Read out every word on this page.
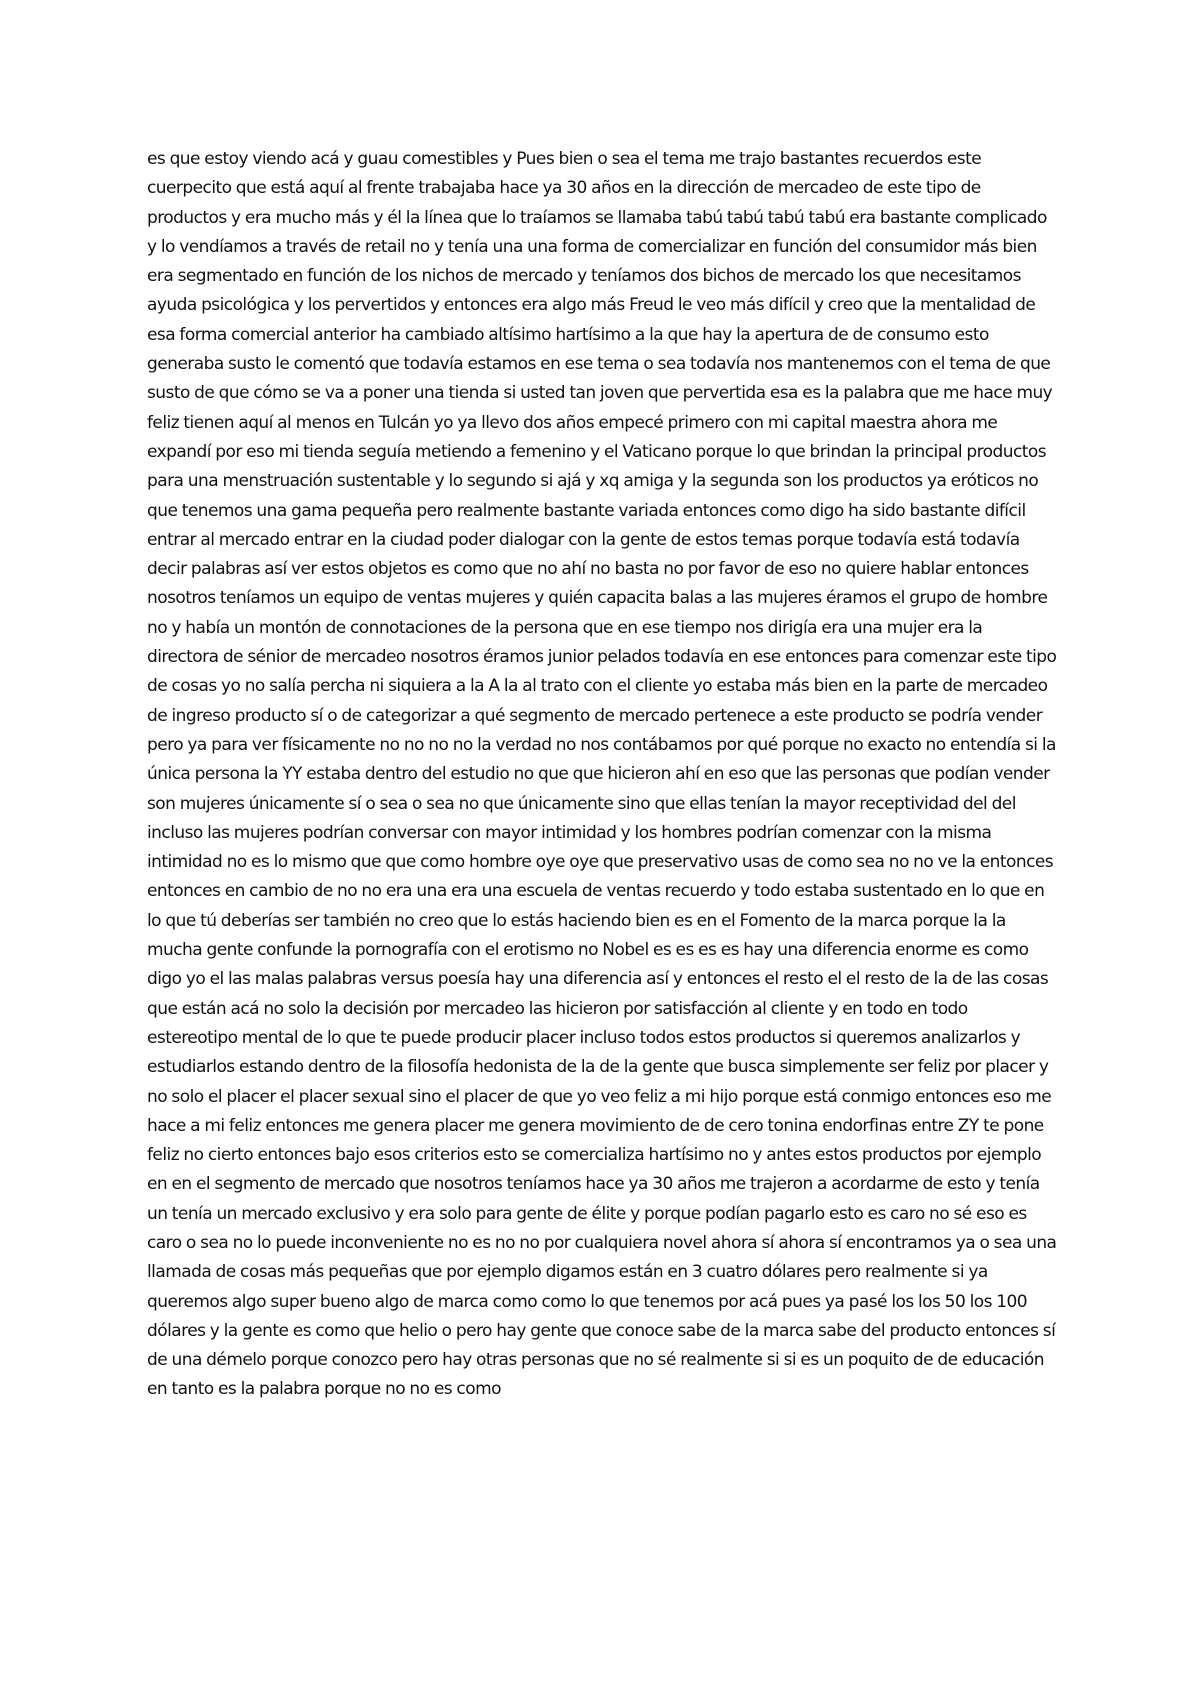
es que estoy viendo acá y guau comestibles y Pues bien o sea el tema me trajo bastantes recuerdos este cuerpecito que está aquí al frente trabajaba hace ya 30 años en la dirección de mercadeo de este tipo de productos y era mucho más y él la línea que lo traíamos se llamaba tabú tabú tabú tabú era bastante complicado y lo vendíamos a través de retail no y tenía una una forma de comercializar en función del consumidor más bien era segmentado en función de los nichos de mercado y teníamos dos bichos de mercado los que necesitamos ayuda psicológica y los pervertidos y entonces era algo más Freud le veo más difícil y creo que la mentalidad de esa forma comercial anterior ha cambiado altísimo hartísimo a la que hay la apertura de de consumo esto generaba susto le comentó que todavía estamos en ese tema o sea todavía nos mantenemos con el tema de que susto de que cómo se va a poner una tienda si usted tan joven que pervertida esa es la palabra que me hace muy feliz tienen aquí al menos en Tulcán yo ya llevo dos años empecé primero con mi capital maestra ahora me expandí por eso mi tienda seguía metiendo a femenino y el Vaticano porque lo que brindan la principal productos para una menstruación sustentable y lo segundo si ajá y xq amiga y la segunda son los productos ya eróticos no que tenemos una gama pequeña pero realmente bastante variada entonces como digo ha sido bastante difícil entrar al mercado entrar en la ciudad poder dialogar con la gente de estos temas porque todavía está todavía decir palabras así ver estos objetos es como que no ahí no basta no por favor de eso no quiere hablar entonces nosotros teníamos un equipo de ventas mujeres y quién capacita balas a las mujeres éramos el grupo de hombre no y había un montón de connotaciones de la persona que en ese tiempo nos dirigía era una mujer era la directora de sénior de mercadeo nosotros éramos junior pelados todavía en ese entonces para comenzar este tipo de cosas yo no salía percha ni siquiera a la A la al trato con el cliente yo estaba más bien en la parte de mercadeo de ingreso producto sí o de categorizar a qué segmento de mercado pertenece a este producto se podría vender pero ya para ver físicamente no no no no la verdad no nos contábamos por qué porque no exacto no entendía si la única persona la YY estaba dentro del estudio no que que hicieron ahí en eso que las personas que podían vender son mujeres únicamente sí o sea o sea no que únicamente sino que ellas tenían la mayor receptividad del del incluso las mujeres podrían conversar con mayor intimidad y los hombres podrían comenzar con la misma intimidad no es lo mismo que que como hombre oye oye que preservativo usas de como sea no no ve la entonces entonces en cambio de no no era una era una escuela de ventas recuerdo y todo estaba sustentado en lo que en lo que tú deberías ser también no creo que lo estás haciendo bien es en el Fomento de la marca porque la la mucha gente confunde la pornografía con el erotismo no Nobel es es es es hay una diferencia enorme es como digo yo el las malas palabras versus poesía hay una diferencia así y entonces el resto el el resto de la de las cosas que están acá no solo la decisión por mercadeo las hicieron por satisfacción al cliente y en todo en todo estereotipo mental de lo que te puede producir placer incluso todos estos productos si queremos analizarlos y estudiarlos estando dentro de la filosofía hedonista de la de la gente que busca simplemente ser feliz por placer y no solo el placer el placer sexual sino el placer de que yo veo feliz a mi hijo porque está conmigo entonces eso me hace a mi feliz entonces me genera placer me genera movimiento de de cero tonina endorfinas entre ZY te pone feliz no cierto entonces bajo esos criterios esto se comercializa hartísimo no y antes estos productos por ejemplo en en el segmento de mercado que nosotros teníamos hace ya 30 años me trajeron a acordarme de esto y tenía un tenía un mercado exclusivo y era solo para gente de élite y porque podían pagarlo esto es caro no sé eso es caro o sea no lo puede inconveniente no es no no por cualquiera novel ahora sí ahora sí encontramos ya o sea una llamada de cosas más pequeñas que por ejemplo digamos están en 3 cuatro dólares pero realmente si ya queremos algo super bueno algo de marca como como lo que tenemos por acá pues ya pasé los los 50 los 100 dólares y la gente es como que helio o pero hay gente que conoce sabe de la marca sabe del producto entonces sí de una démelo porque conozco pero hay otras personas que no sé realmente si si es un poquito de de educación en tanto es la palabra porque no no es como
